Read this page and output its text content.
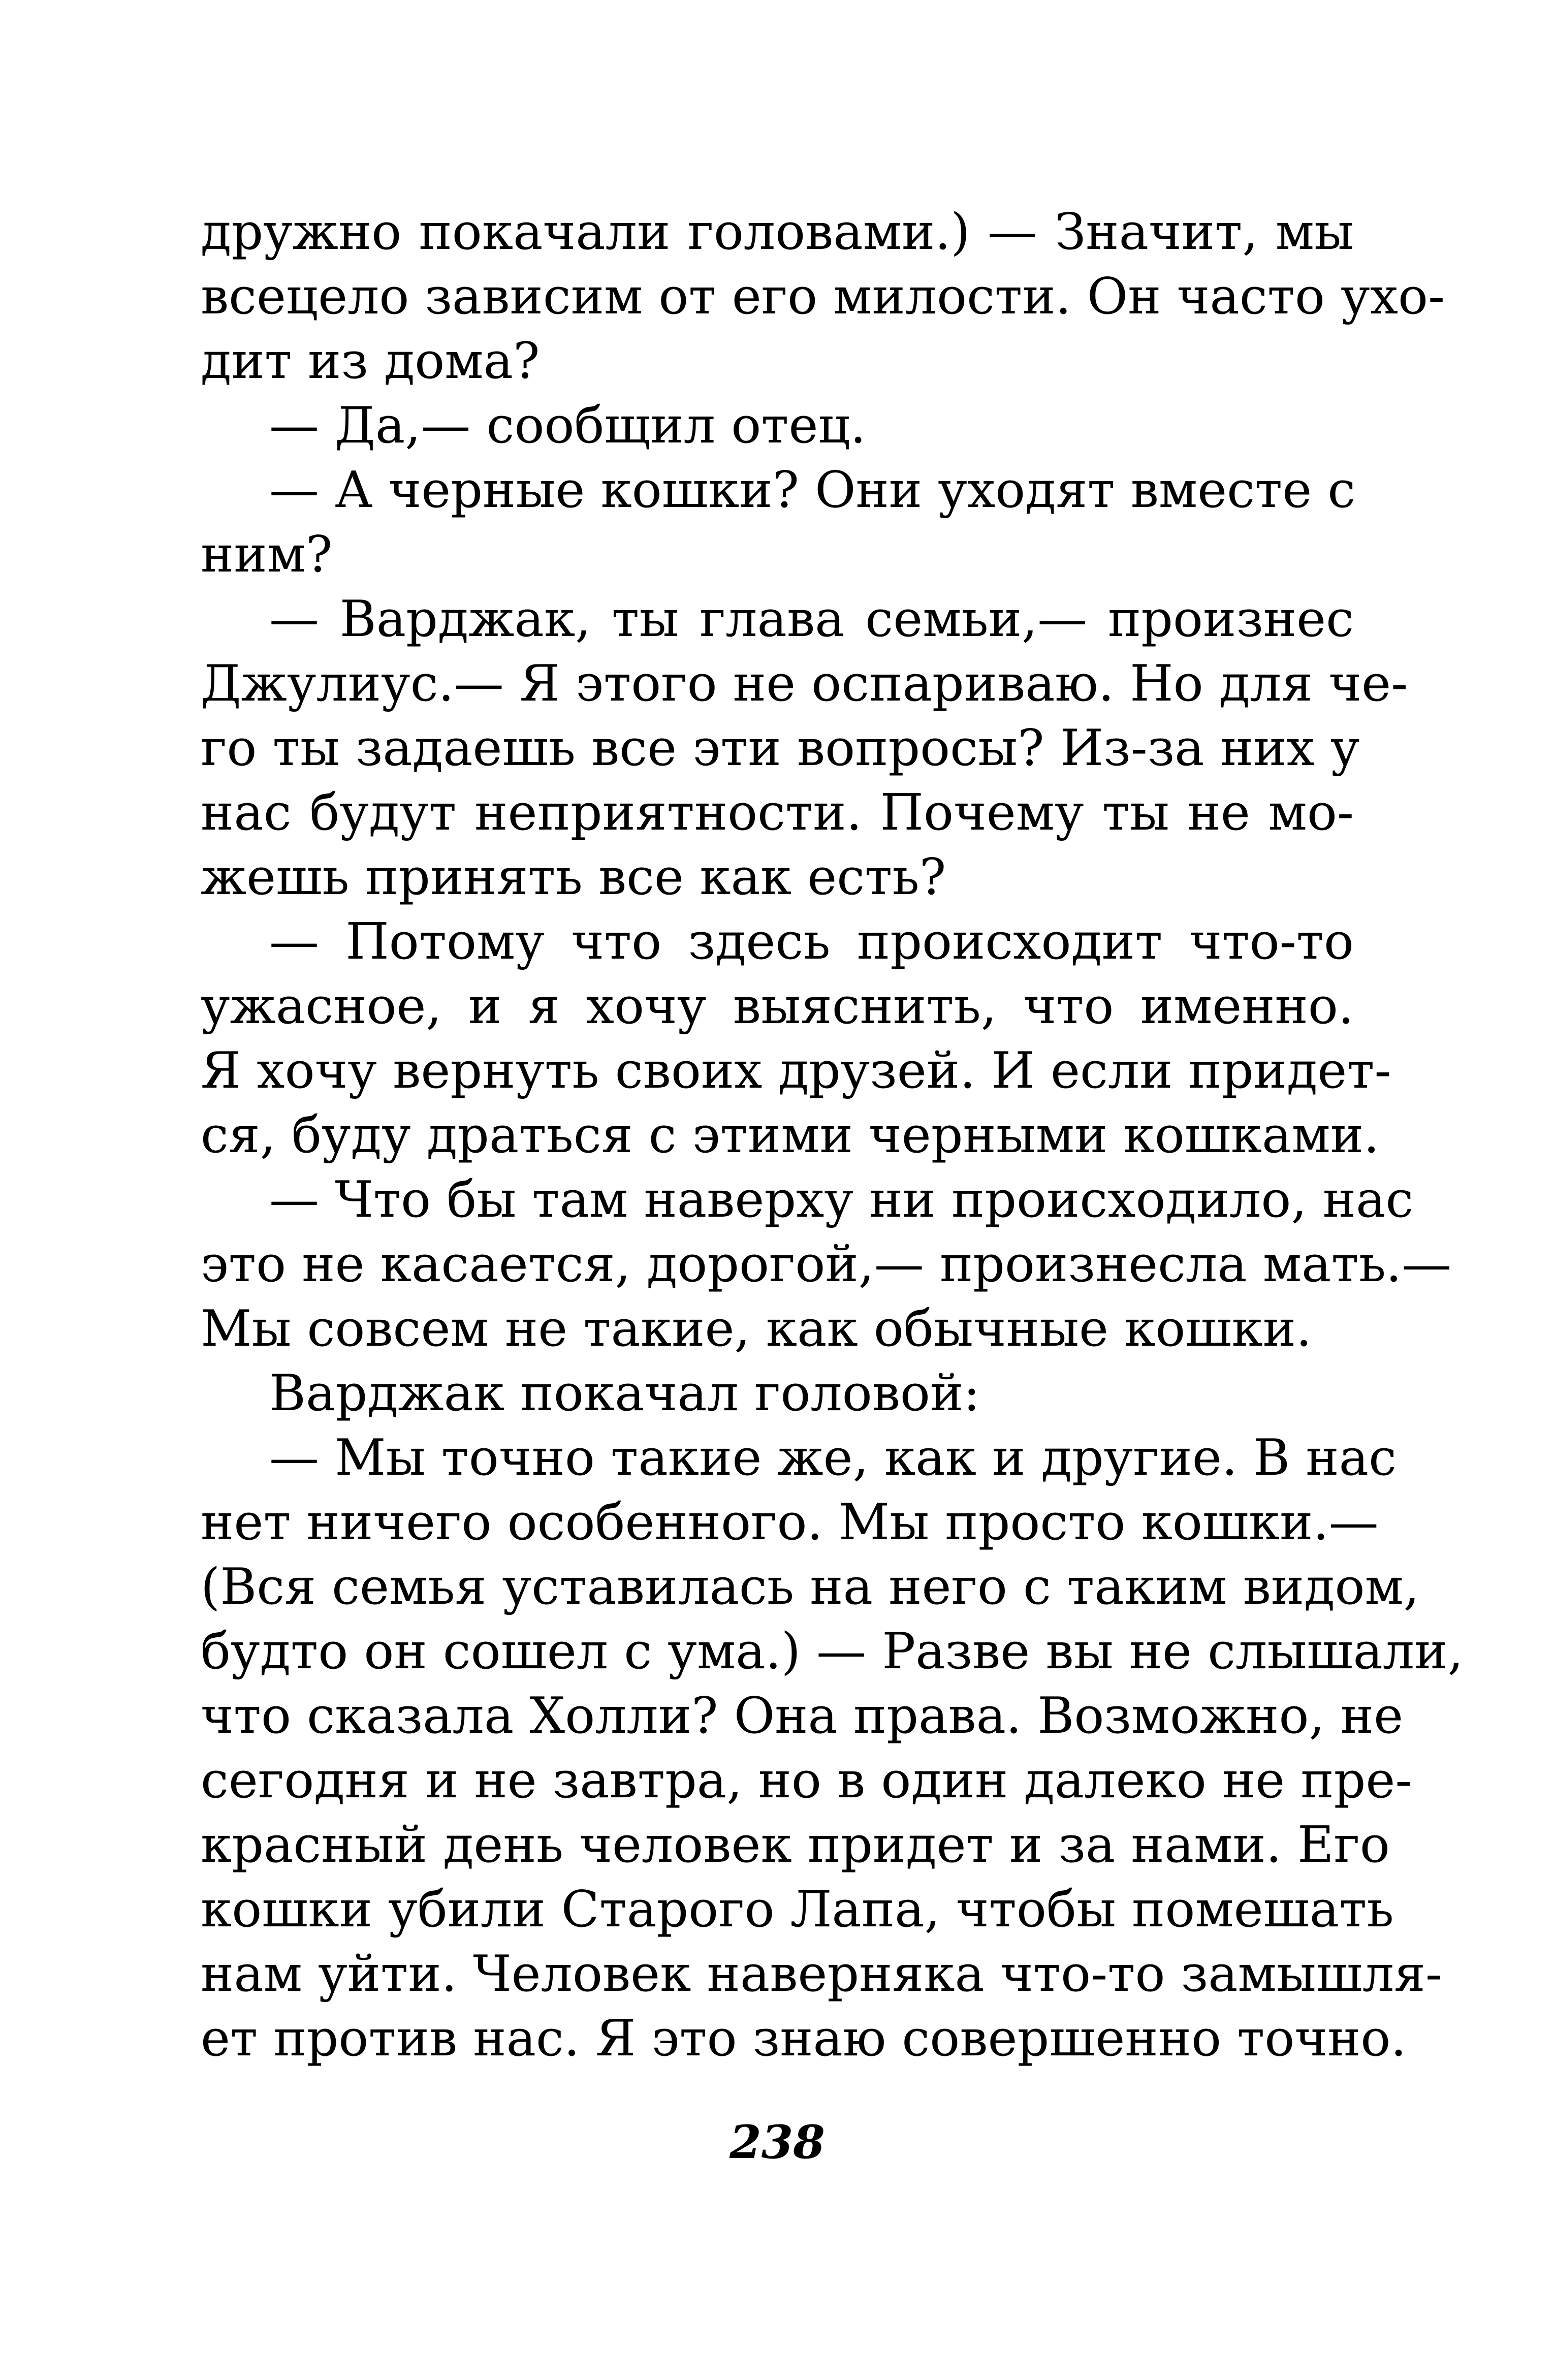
дружно покачали головами.) — Значит, мы
всецело зависим от его милости. Он часто ухо-
дит из дома?
— Да,— сообщил отец.
— А черные кошки? Они уходят вместе с
ним?
— Варджак, ты глава семьи,— произнес
Джулиус.— Я этого не оспариваю. Но для че-
го ты задаешь все эти вопросы? Из-за них у
нас будут неприятности. Почему ты не мо-
жешь принять все как есть?
— Потому что здесь происходит что-то
ужасное, и я хочу выяснить, что именно.
Я хочу вернуть своих друзей. И если придет-
ся, буду драться с этими черными кошками.
— Что бы там наверху ни происходило, нас
это не касается, дорогой,— произнесла мать.—
Мы совсем не такие, как обычные кошки.
Варджак покачал головой:
— Мы точно такие же, как и другие. В нас
нет ничего особенного. Мы просто кошки.—
(Вся семья уставилась на него с таким видом,
будто он сошел с ума.) — Разве вы не слышали,
что сказала Холли? Она права. Возможно, не
сегодня и не завтра, но в один далеко не пре-
красный день человек придет и за нами. Его
кошки убили Старого Лапа, чтобы помешать
нам уйти. Человек наверняка что-то замышля-
ет против нас. Я это знаю совершенно точно.
238
